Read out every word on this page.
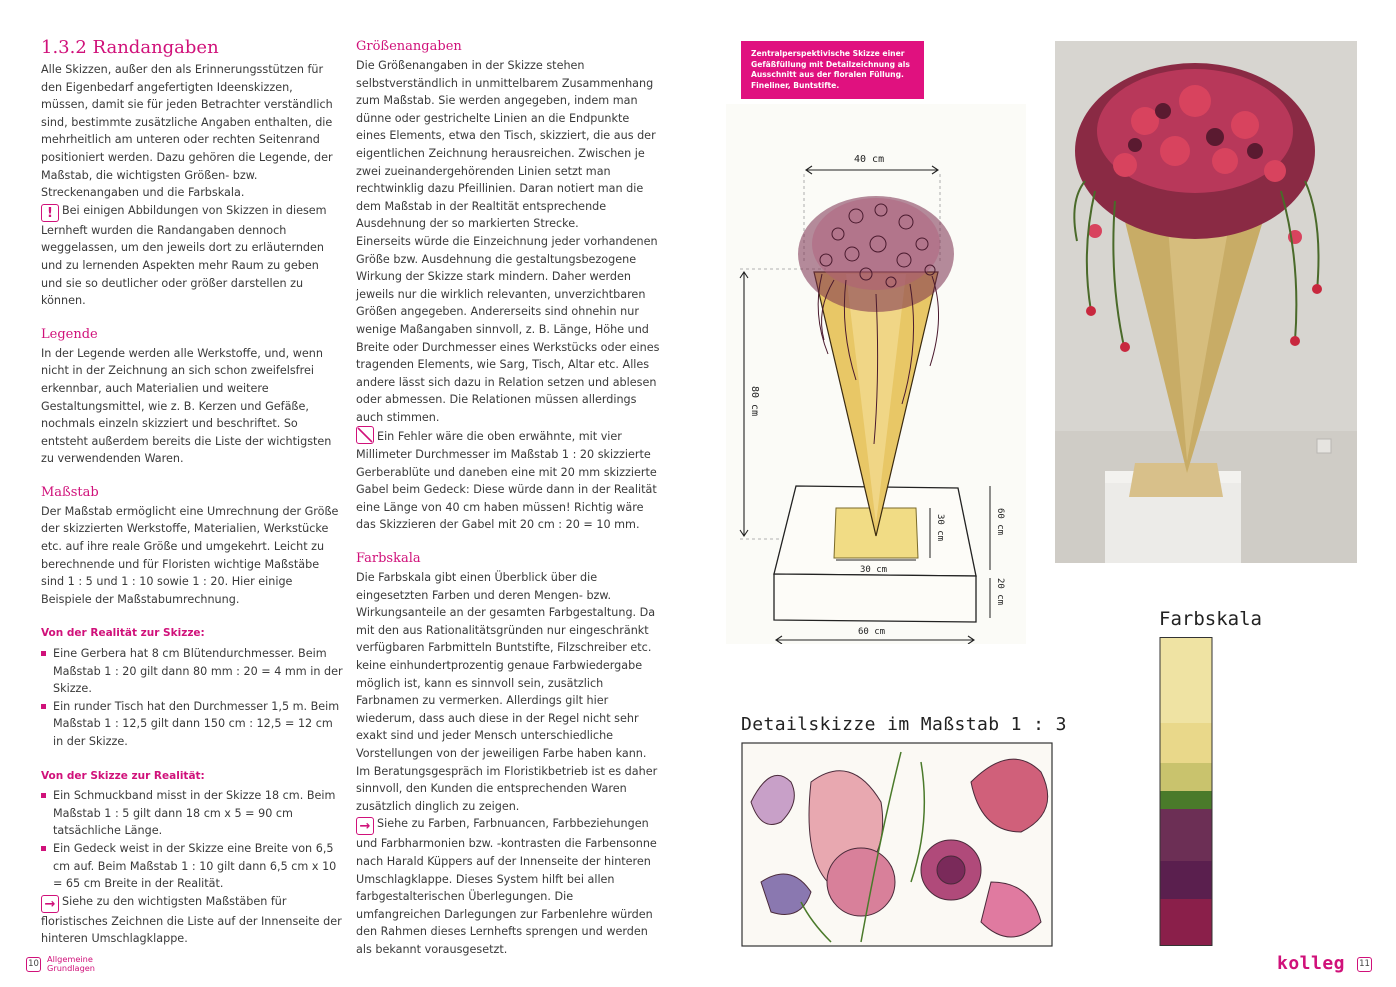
1.3.2 Randangaben

Alle Skizzen, außer den als Erinnerungsstützen für den Eigenbedarf angefertigten Ideenskizzen, müssen, damit sie für jeden Betrachter verständlich sind, bestimmte zusätzliche Angaben enthalten, die mehrheitlich am unteren oder rechten Seitenrand positioniert werden. Dazu gehören die Legende, der Maßstab, die wichtigsten Größen- bzw. Streckenangaben und die Farbskala.

! Bei einigen Abbildungen von Skizzen in diesem Lernheft wurden die Randangaben dennoch weggelassen, um den jeweils dort zu erläuternden und zu lernenden Aspekten mehr Raum zu geben und sie so deutlicher oder größer darstellen zu können.

Legende

In der Legende werden alle Werkstoffe, und, wenn nicht in der Zeichnung an sich schon zweifelsfrei erkennbar, auch Materialien und weitere Gestaltungsmittel, wie z. B. Kerzen und Gefäße, nochmals einzeln skizziert und beschriftet. So entsteht außerdem bereits die Liste der wichtigsten zu verwendenden Waren.

Maßstab

Der Maßstab ermöglicht eine Umrechnung der Größe der skizzierten Werkstoffe, Materialien, Werkstücke etc. auf ihre reale Größe und umgekehrt. Leicht zu berechnende und für Floristen wichtige Maßstäbe sind 1 : 5 und 1 : 10 sowie 1 : 20. Hier einige Beispiele der Maßstabumrechnung.

Von der Realität zur Skizze:
Eine Gerbera hat 8 cm Blütendurchmesser. Beim Maßstab 1 : 20 gilt dann 80 mm : 20 = 4 mm in der Skizze.
Ein runder Tisch hat den Durchmesser 1,5 m. Beim Maßstab 1 : 12,5 gilt dann 150 cm : 12,5 = 12 cm in der Skizze.
Von der Skizze zur Realität:
Ein Schmuckband misst in der Skizze 18 cm. Beim Maßstab 1 : 5 gilt dann 18 cm x 5 = 90 cm tatsächliche Länge.
Ein Gedeck weist in der Skizze eine Breite von 6,5 cm auf. Beim Maßstab 1 : 10 gilt dann 6,5 cm x 10 = 65 cm Breite in der Realität.

→ Siehe zu den wichtigsten Maßstäben für floristisches Zeichnen die Liste auf der Innenseite der hinteren Umschlagklappe.

Größenangaben

Die Größenangaben in der Skizze stehen selbstverständlich in unmittelbarem Zusammenhang zum Maßstab. Sie werden angegeben, indem man dünne oder gestrichelte Linien an die Endpunkte eines Elements, etwa den Tisch, skizziert, die aus der eigentlichen Zeichnung herausreichen. Zwischen je zwei zueinandergehörenden Linien setzt man rechtwinklig dazu Pfeillinien. Daran notiert man die dem Maßstab in der Realtität entsprechende Ausdehnung der so markierten Strecke.

Einerseits würde die Einzeichnung jeder vorhandenen Größe bzw. Ausdehnung die gestaltungsbezogene Wirkung der Skizze stark mindern. Daher werden jeweils nur die wirklich relevanten, unverzichtbaren Größen angegeben. Andererseits sind ohnehin nur wenige Maßangaben sinnvoll, z. B. Länge, Höhe und Breite oder Durchmesser eines Werkstücks oder eines tragenden Elements, wie Sarg, Tisch, Altar etc. Alles andere lässt sich dazu in Relation setzen und ablesen oder abmessen. Die Relationen müssen allerdings auch stimmen.

Ein Fehler wäre die oben erwähnte, mit vier Millimeter Durchmesser im Maßstab 1 : 20 skizzierte Gerberablüte und daneben eine mit 20 mm skizzierte Gabel beim Gedeck: Diese würde dann in der Realität eine Länge von 40 cm haben müssen! Richtig wäre das Skizzieren der Gabel mit 20 cm : 20 = 10 mm.

Farbskala

Die Farbskala gibt einen Überblick über die eingesetzten Farben und deren Mengen- bzw. Wirkungsanteile an der gesamten Farbgestaltung. Da mit den aus Rationalitätsgründen nur eingeschränkt verfügbaren Farbmitteln Buntstifte, Filzschreiber etc. keine einhundertprozentig genaue Farbwiedergabe möglich ist, kann es sinnvoll sein, zusätzlich Farbnamen zu vermerken. Allerdings gilt hier wiederum, dass auch diese in der Regel nicht sehr exakt sind und jeder Mensch unterschiedliche Vorstellungen von der jeweiligen Farbe haben kann. Im Beratungsgespräch im Floristikbetrieb ist es daher sinnvoll, den Kunden die entsprechenden Waren zusätzlich dinglich zu zeigen.

→ Siehe zu Farben, Farbnuancen, Farbbeziehungen und Farbharmonien bzw. -kontrasten die Farbensonne nach Harald Küppers auf der Innenseite der hinteren Umschlagklappe. Dieses System hilft bei allen farbgestalterischen Überlegungen. Die umfangreichen Darlegungen zur Farbenlehre würden den Rahmen dieses Lernhefts sprengen und werden als bekannt vorausgesetzt.

Zentralperspektivische Skizze einer Gefäßfüllung mit Detailzeichnung als Ausschnitt aus der floralen Füllung. Fineliner, Buntstifte.
40 cm
80 cm
30 cm
30 cm	60 cm
20 cm
60 cm
Detailskizze im Maßstab 1 : 3
Farbskala
10 Allgemeine
Grundlagen	kolleg 11
